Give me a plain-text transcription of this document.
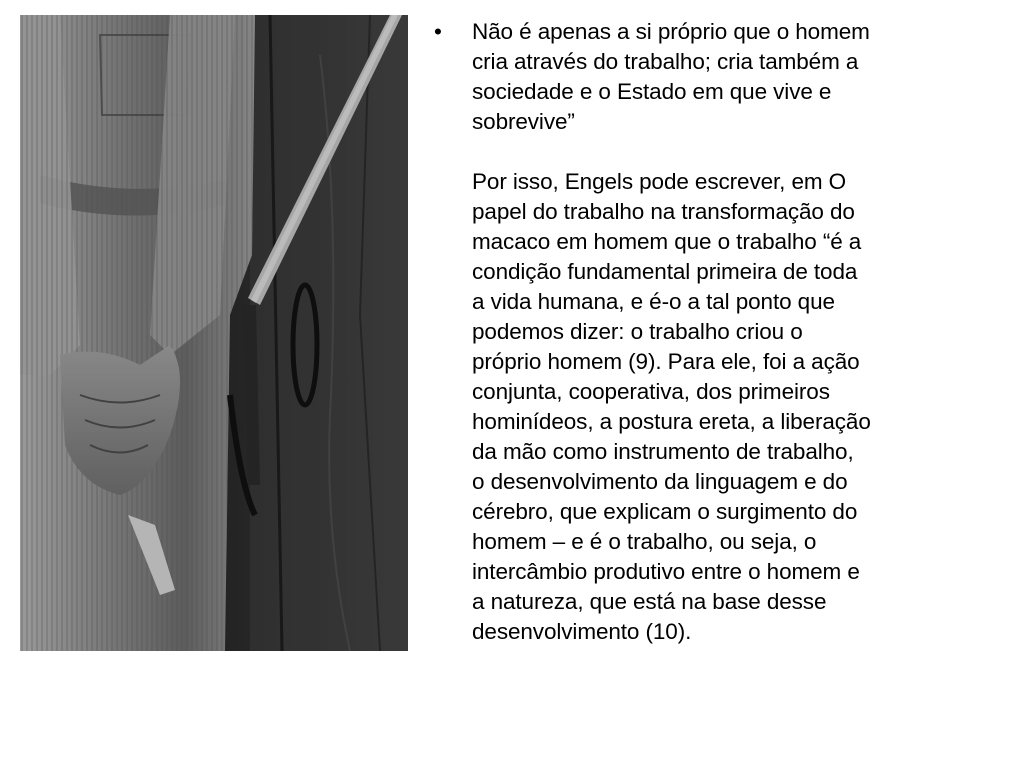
•	Não é apenas a si próprio que o homem
cria através do trabalho; cria também a
sociedade e o Estado em que vive e
sobrevive”

Por isso, Engels pode escrever, em O
papel do trabalho na transformação do
macaco em homem que o trabalho “é a
condição fundamental primeira de toda
a vida humana, e é-o a tal ponto que
podemos dizer: o trabalho criou o
próprio homem (9). Para ele, foi a ação
conjunta, cooperativa, dos primeiros
hominídeos, a postura ereta, a liberação
da mão como instrumento de trabalho,
o desenvolvimento da linguagem e do
cérebro, que explicam o surgimento do
homem – e é o trabalho, ou seja, o
intercâmbio produtivo entre o homem e
a natureza, que está na base desse
desenvolvimento (10).
